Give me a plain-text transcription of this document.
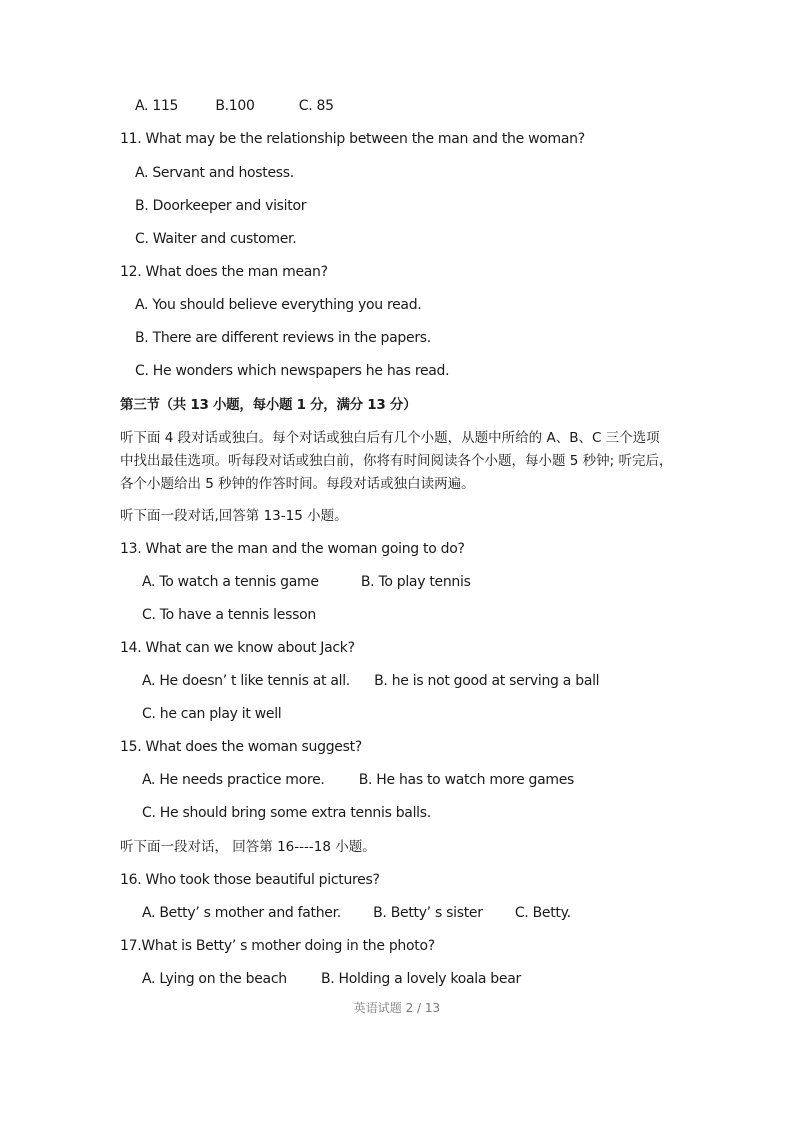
A. 115	B.100	C. 85
11. What may be the relationship between the man and the woman?
A. Servant and hostess.
B. Doorkeeper and visitor
C. Waiter and customer.
12. What does the man mean?
A. You should believe everything you read.
B. There are different reviews in the papers.
C. He wonders which newspapers he has read.
第三节（共 13 小题，每小题 1 分，满分 13 分）
听下面 4 段对话或独白。每个对话或独白后有几个小题，从题中所给的 A、B、C 三个选项
中找出最佳选项。听每段对话或独白前，你将有时间阅读各个小题，每小题 5 秒钟; 听完后，
各个小题给出 5 秒钟的作答时间。每段对话或独白读两遍。
听下面一段对话,回答第 13-15 小题。
13. What are the man and the woman going to do?
A. To watch a tennis game	B. To play tennis
C. To have a tennis lesson
14. What can we know about Jack?
A. He doesn’ t like tennis at all. B. he is not good at serving a ball
C. he can play it well
15. What does the woman suggest?
A. He needs practice more. B. He has to watch more games
C. He should bring some extra tennis balls.
听下面一段对话， 回答第 16----18 小题。
16. Who took those beautiful pictures?
A. Betty’ s mother and father. B. Betty’ s sister C. Betty.
17.What is Betty’ s mother doing in the photo?
A. Lying on the beach B. Holding a lovely koala bear
英语试题 2 / 13
